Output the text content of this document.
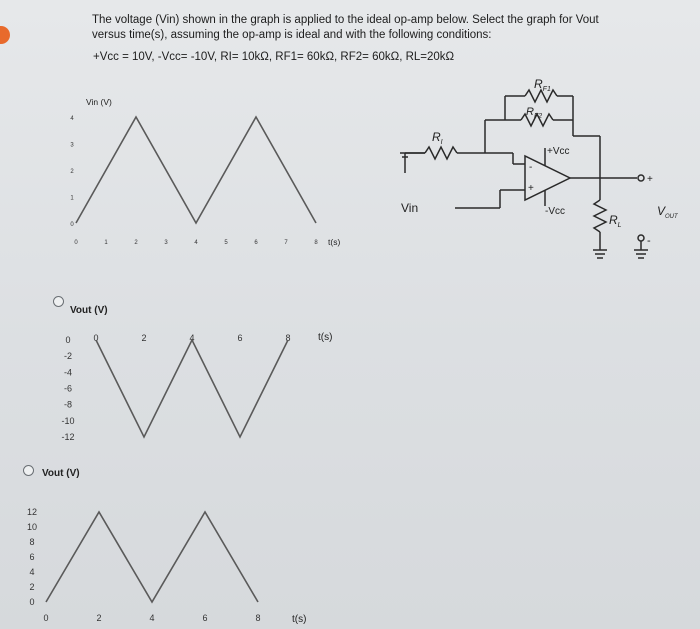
The voltage (Vin) shown in the graph is applied to the ideal op-amp below. Select the graph for Vout
versus time(s), assuming the op-amp is ideal and with the following conditions:
+Vcc = 10V, -Vcc= -10V, RI= 10kΩ, RF1= 60kΩ, RF2= 60kΩ, RL=20kΩ
Vin (V)
0
1
2
3
4
0	1	2	3	4	5	6	7	8 t(s)
Vout (V)
0
-2
-4
-6
-8
-10
-12
0	2	4	6	8	t(s)
Vout (V)
12
10
8
6
4
2
0
0	2	4	6	8	t(s)
$R_{F1}$
$R_{F2}$
$R_I$
+Vcc
-Vcc
-
+
Vin
$R_L$
$V_{OUT}$
+
-
